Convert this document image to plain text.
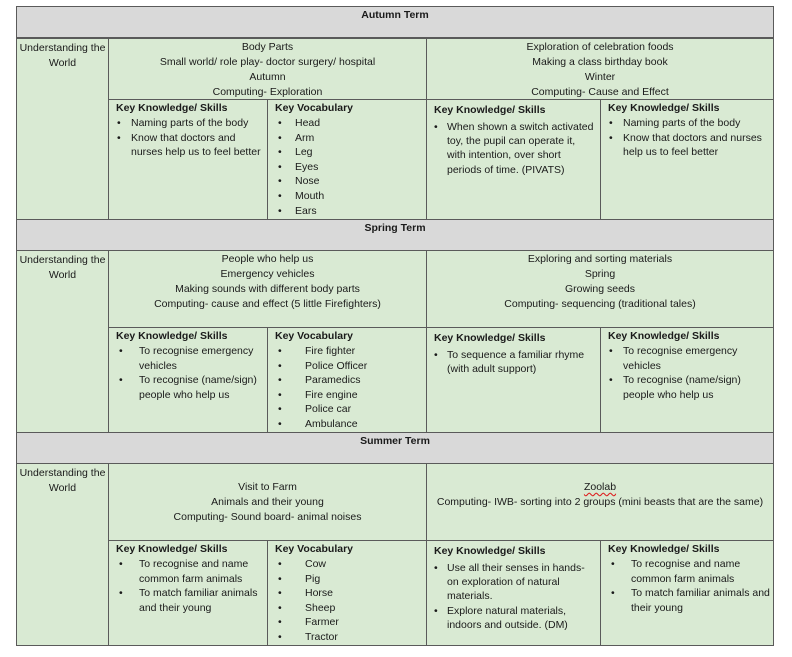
Autumn Term
Understanding the World
Body Parts
Small world/ role play- doctor surgery/ hospital
Autumn
Computing- Exploration
Exploration of celebration foods
Making a class birthday book
Winter
Computing- Cause and Effect
Key Knowledge/ Skills
• Naming parts of the body
• Know that doctors and nurses help us to feel better
Key Vocabulary
• Head
• Arm
• Leg
• Eyes
• Nose
• Mouth
• Ears
Key Knowledge/ Skills
• When shown a switch activated toy, the pupil can operate it, with intention, over short periods of time. (PIVATS)
Key Knowledge/ Skills
• Naming parts of the body
• Know that doctors and nurses help us to feel better
Spring Term
Understanding the World
People who help us
Emergency vehicles
Making sounds with different body parts
Computing- cause and effect (5 little Firefighters)
Exploring and sorting materials
Spring
Growing seeds
Computing- sequencing (traditional tales)
Key Knowledge/ Skills
• To recognise emergency vehicles
• To recognise (name/sign) people who help us
Key Vocabulary
• Fire fighter
• Police Officer
• Paramedics
• Fire engine
• Police car
• Ambulance
Key Knowledge/ Skills
• To sequence a familiar rhyme (with adult support)
Key Knowledge/ Skills
• To recognise emergency vehicles
• To recognise (name/sign) people who help us
Summer Term
Understanding the World	Visit to Farm
Animals and their young
Computing- Sound board- animal noises
Zoolab
Computing- IWB- sorting into 2 groups (mini beasts that are the same)
Key Knowledge/ Skills
• To recognise and name common farm animals
• To match familiar animals and their young
Key Vocabulary
• Cow
• Pig
• Horse
• Sheep
• Farmer
• Tractor
Key Knowledge/ Skills
• Use all their senses in hands-on exploration of natural materials.
• Explore natural materials, indoors and outside. (DM)
Key Knowledge/ Skills
• To recognise and name common farm animals
• To match familiar animals and their young
